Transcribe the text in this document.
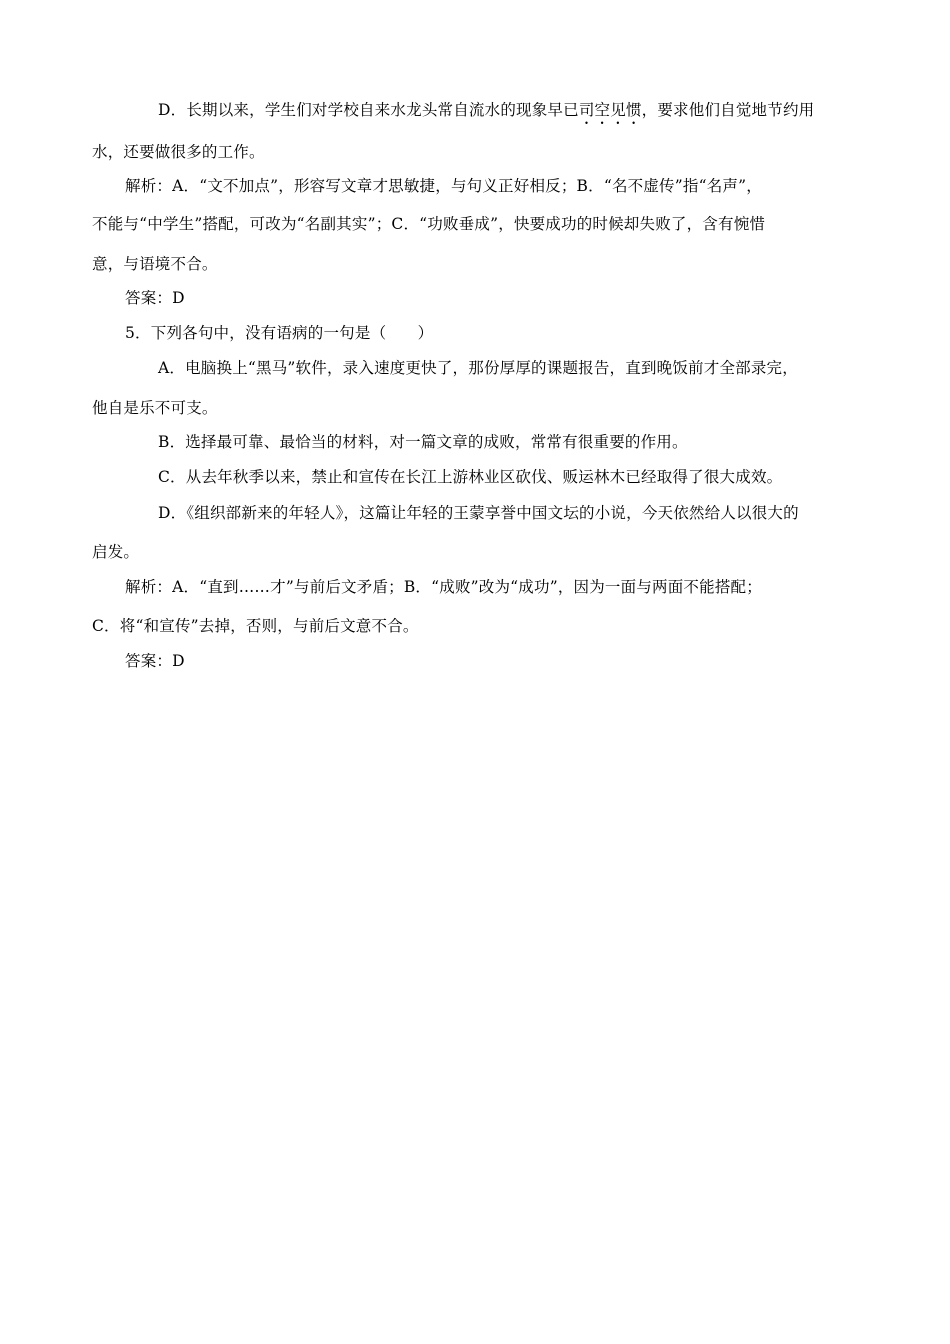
D．长期以来，学生们对学校自来水龙头常自流水的现象早已司空见惯，要求他们自觉地节约用
水，还要做很多的工作。
解析：A．“文不加点”，形容写文章才思敏捷，与句义正好相反；B．“名不虚传”指“名声”，
不能与“中学生”搭配，可改为“名副其实”；C．“功败垂成”，快要成功的时候却失败了，含有惋惜
意，与语境不合。
答案：D
5．下列各句中，没有语病的一句是（　　）
A．电脑换上“黑马”软件，录入速度更快了，那份厚厚的课题报告，直到晚饭前才全部录完，
他自是乐不可支。
B．选择最可靠、最恰当的材料，对一篇文章的成败，常常有很重要的作用。
C．从去年秋季以来，禁止和宣传在长江上游林业区砍伐、贩运林木已经取得了很大成效。
D．《组织部新来的年轻人》，这篇让年轻的王蒙享誉中国文坛的小说，今天依然给人以很大的
启发。
解析：A．“直到……才”与前后文矛盾；B．“成败”改为“成功”，因为一面与两面不能搭配；
C．将“和宣传”去掉，否则，与前后文意不合。
答案：D
